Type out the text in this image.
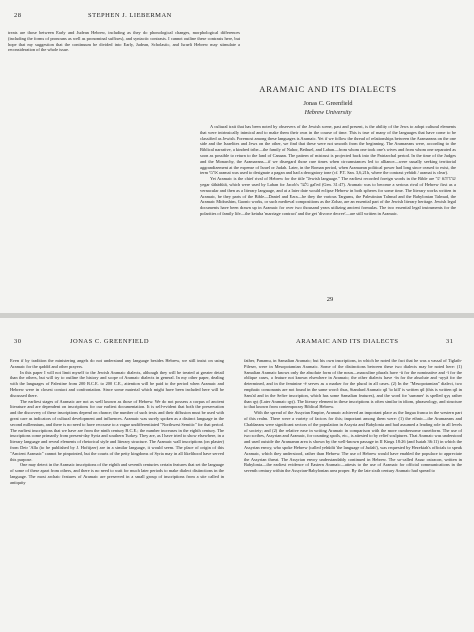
28	STEPHEN J. LIEBERMAN

treats are those between Early and Judean Hebrew, including as they do phonological changes, morphological differences (including the forms of pronouns as well as pronominal suffixes), and syntactic contrasts. I cannot outline these contrasts here, but hope that my suggestion that the continuum be divided into Early, Judean, Scholastic, and Israeli Hebrew may stimulate a reconsideration of the whole issue.

ARAMAIC AND ITS DIALECTS
Jonas C. Greenfield
Hebrew University

A cultural trait that has been noted by observers of the Jewish scene, past and present, is the ability of the Jews to adopt cultural elements that were intrinsically inimical and to make them their own in the course of time. This is true of many of the languages that have come to be classified as Jewish. Foremost among these languages is Aramaic. Yet if we follow the thread of relationships between the Aramaeans on the one side and the Israelites and Jews on the other, we find that these were not smooth from the beginning. The Aramaeans were, according to the Biblical narrative, a kindred tribe—the family of Nahor, Bethuel, and Laban—from whom one took one's wives and from whom one separated as soon as possible to return to the land of Canaan. The pattern of mistrust is projected back into the Patriarchal period. In the time of the Judges and the Monarchy, the Aramaeans—if we disregard those rare times when circumstances led to alliance—were usually seeking territorial aggrandizement at the expense of Israel or Judah. Later, in the Roman period, when Aramaean political power had long since ceased to exist, the term ארמי aramai was used to designate a pagan and had a derogatory tone (cf. P.T. San. 3,6,21b, where the contrast yehûdi / aramai is clear).

Yet Aramaic is the chief rival of Hebrew for the title "Jewish language." The earliest recorded foreign words in the Bible are שהדותא יגר yegar śāhădūtā, which were used by Laban for Jacob's גלעד gal'ed (Gen. 31:47). Aramaic was to become a serious rival of Hebrew first as a vernacular and then as a literary language, and at a later date would eclipse Hebrew in both spheres for some time. The literary works written in Aramaic, be they parts of the Bible—Daniel and Ezra—be they the various Targums, the Palestinian Talmud and the Babylonian Talmud, the Aramaic Midrashim, Gaonic works, or such medieval compositions as the Zohar, are an essential part of the Jewish literary heritage. Jewish legal documents have been drawn up in Aramaic for over two thousand years utilizing ancient formulas. The two essential legal instruments for the polarities of family life—the ketuba 'marriage contract' and the get 'divorce decree'—are still written in Aramaic.

29
30	JONAS C. GREENFIELD

Even if by tradition the ministering angels do not understand any language besides Hebrew, we still insist on using Aramaic for the qaddiš and other prayers.

In this paper I will not limit myself to the Jewish Aramaic dialects, although they will be treated at greater detail than the others, but will try to outline the history and scope of Aramaic dialects in general. In my other paper, dealing with the languages of Palestine from 200 B.C.E. to 200 C.E., attention will be paid to the period when Aramaic and Hebrew were in closest contact and confrontation. Since some material which might have been included here will be discussed there.

The earliest stages of Aramaic are not as well known as those of Hebrew. We do not possess a corpus of ancient literature and are dependent on inscriptions for our earliest documentation. It is self-evident that both the preservation and the discovery of these inscriptions depend on chance; the number of such texts and their diffusion must be used with great care as indicators of cultural development and influences. Aramaic was surely spoken as a distinct language in the second millennium, and there is no need to have recourse to a vague undifferentiated "Northwest Semitic" for that period. The earliest inscriptions that we have are from the ninth century B.C.E.; the number increases in the eighth century. The inscriptions come primarily from present-day Syria and southern Turkey. They are, as I have tried to show elsewhere, in a literary language and reveal elements of rhetorical style and literary structure. The Aramaic wall inscriptions (on plaster) from Deir 'Alla (to be published by J. Hoftijzer) are in a similar language, it would seem. The place of origin of this "Ancient Aramaic" cannot be pinpointed, but the courts of the petty kingdoms of Syria may in all likelihood have served this purpose.

One may detect in the Aramaic inscriptions of the eighth and seventh centuries certain features that set the language of some of these apart from others, and there is no need to wait for much later periods to make dialect distinctions in the language. The most archaic features of Aramaic are preserved in a small group of inscriptions from a site called in antiquity

ARAMAIC AND ITS DIALECTS	31

father, Panamu, in Samalian Aramaic; but his own inscriptions, in which he noted the fact that he was a vassal of Tiglath-Pileser, were in Mesopotamian Aramaic. Some of the distinctions between these two dialects may be noted here: (1) Samalian Aramaic knows only the absolute form of the noun—masculine plurals have -ū for the nominative and -ī for the oblique cases, a feature not known elsewhere in Aramaic; the other dialects have -īn for the absolute and -ayyā for the determined, and in the feminine -ē serves as a marker for the plural in all cases. (2) In the "Mesopotamian" dialect, two emphatic consonants are not found in the same word: thus, Standard Aramaic qṭl 'to kill' is written qtl (this is written qṭl in Sam'al and in the Sefire inscription, which has some Samalian features), and the word for 'summer' is spelled qyṣ rather than qyṭ (Later Aramaic qyṭ). The literary element in these inscriptions is often similar in idiom, phraseology, and structure to that known from contemporary Biblical Hebrew.

With the spread of the Assyrian Empire, Aramaic achieved an important place as the lingua franca in the western part of this realm. There were a variety of factors for this; important among them were: (1) the ethnic—the Aramaeans and Chaldaeans were significant sectors of the population in Assyria and Babylonia and had assumed a leading role in all levels of society; and (2) the relative ease in writing Aramaic in comparison with the more cumbersome cuneiform. The use of two scribes, Assyrian and Aramaic, for counting spoils, etc., is attested to by relief sculptures. That Aramaic was understood and used outside the Aramaean area is shown by the well-known passage in II Kings 18:26 (and Isaiah 36:11) in which the Assyrian envoy, who spoke Hebrew (called yehûdit 'the language of Judah'), was requested by Hezekiah's officials to speak Aramaic, which they understood, rather than Hebrew. The use of Hebrew would have enabled the populace to appreciate the Assyrian threat. The Assyrian envoy understandably continued in Hebrew. The so-called Assur ostracon, written in Babylonia—the earliest evidence of Eastern Aramaic—attests to the use of Aramaic for official communications in the seventh century within the Assyrian-Babylonian area proper. By the late sixth century Aramaic had spread to
